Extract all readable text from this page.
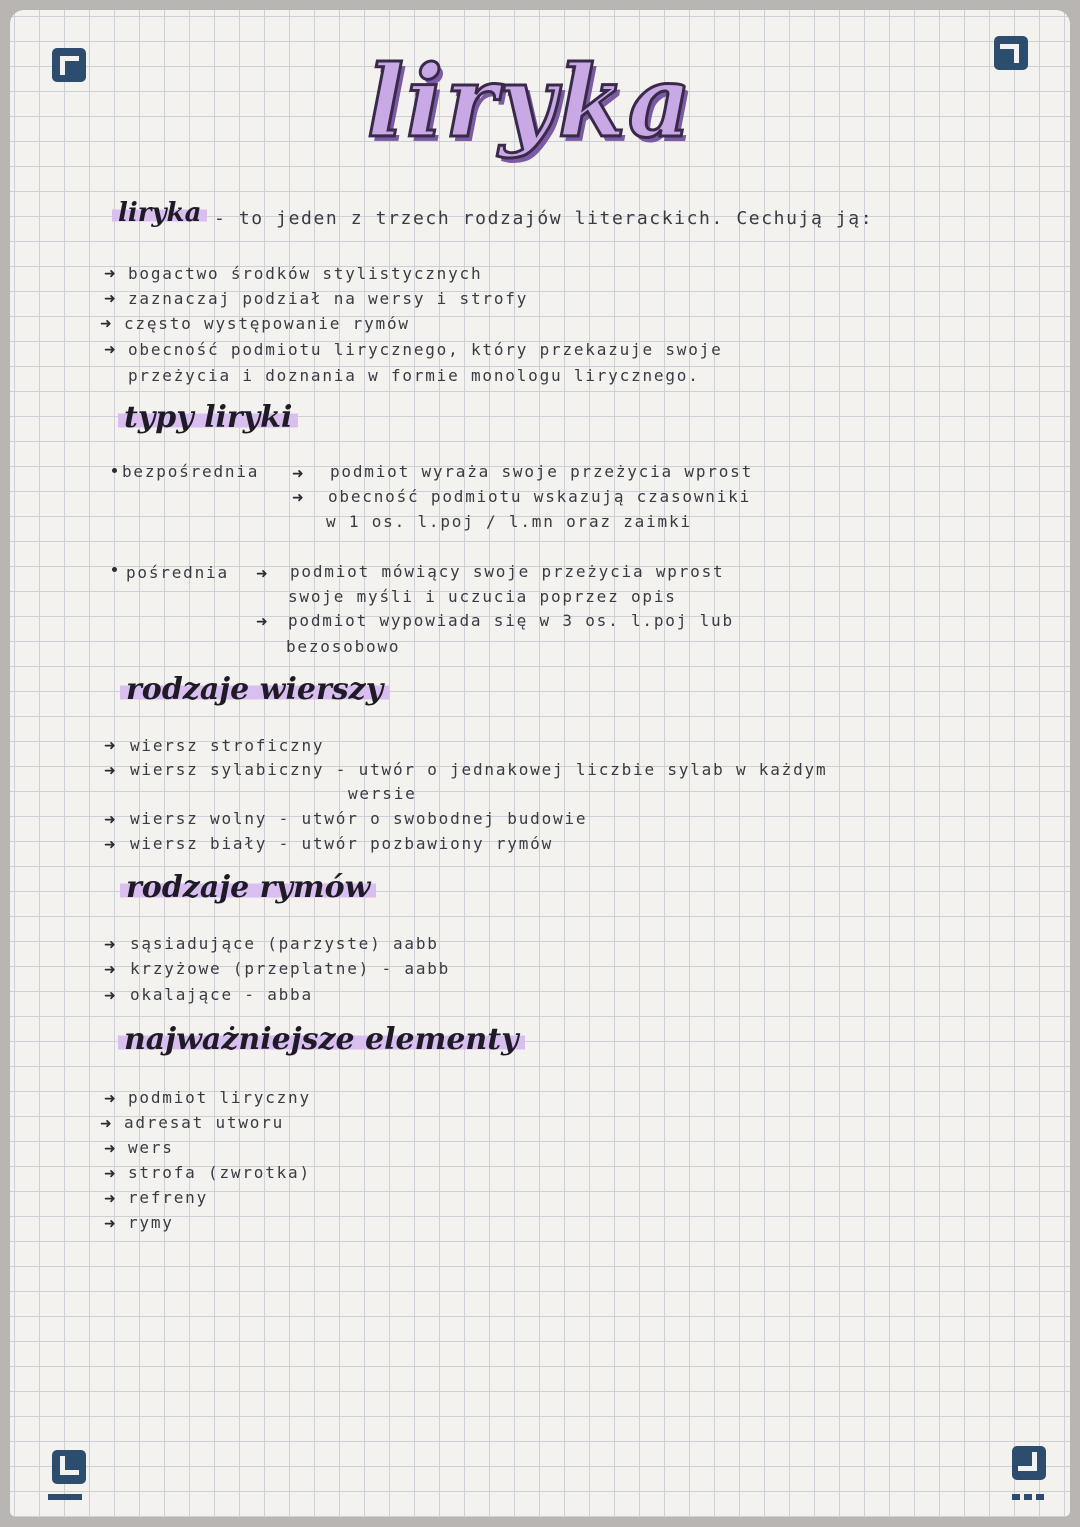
liryka
liryka - to jeden z trzech rodzajów literackich. Cechują ją:
➜ bogactwo środków stylistycznych
➜ zaznaczaj podział na wersy i strofy
➜ często występowanie rymów
➜ obecność podmiotu lirycznego, który przekazuje swoje
przeżycia i doznania w formie monologu lirycznego.
typy liryki
bezpośrednia ➜ podmiot wyraża swoje przeżycia wprost
➜ obecność podmiotu wskazują czasowniki
w 1 os. l.poj / l.mn oraz zaimki
pośrednia ➜ podmiot mówiący swoje przeżycia wprost
swoje myśli i uczucia poprzez opis
➜ podmiot wypowiada się w 3 os. l.poj lub
bezosobowo
rodzaje wierszy
➜ wiersz stroficzny
➜ wiersz sylabiczny - utwór o jednakowej liczbie sylab w każdym
wersie
➜ wiersz wolny - utwór o swobodnej budowie
➜ wiersz biały - utwór pozbawiony rymów
rodzaje rymów
➜ sąsiadujące (parzyste) aabb
➜ krzyżowe (przeplatne) - aabb
➜ okalające - abba
najważniejsze elementy
➜ podmiot liryczny
➜ adresat utworu
➜ wers
➜ strofa (zwrotka)
➜ refreny
➜ rymy
